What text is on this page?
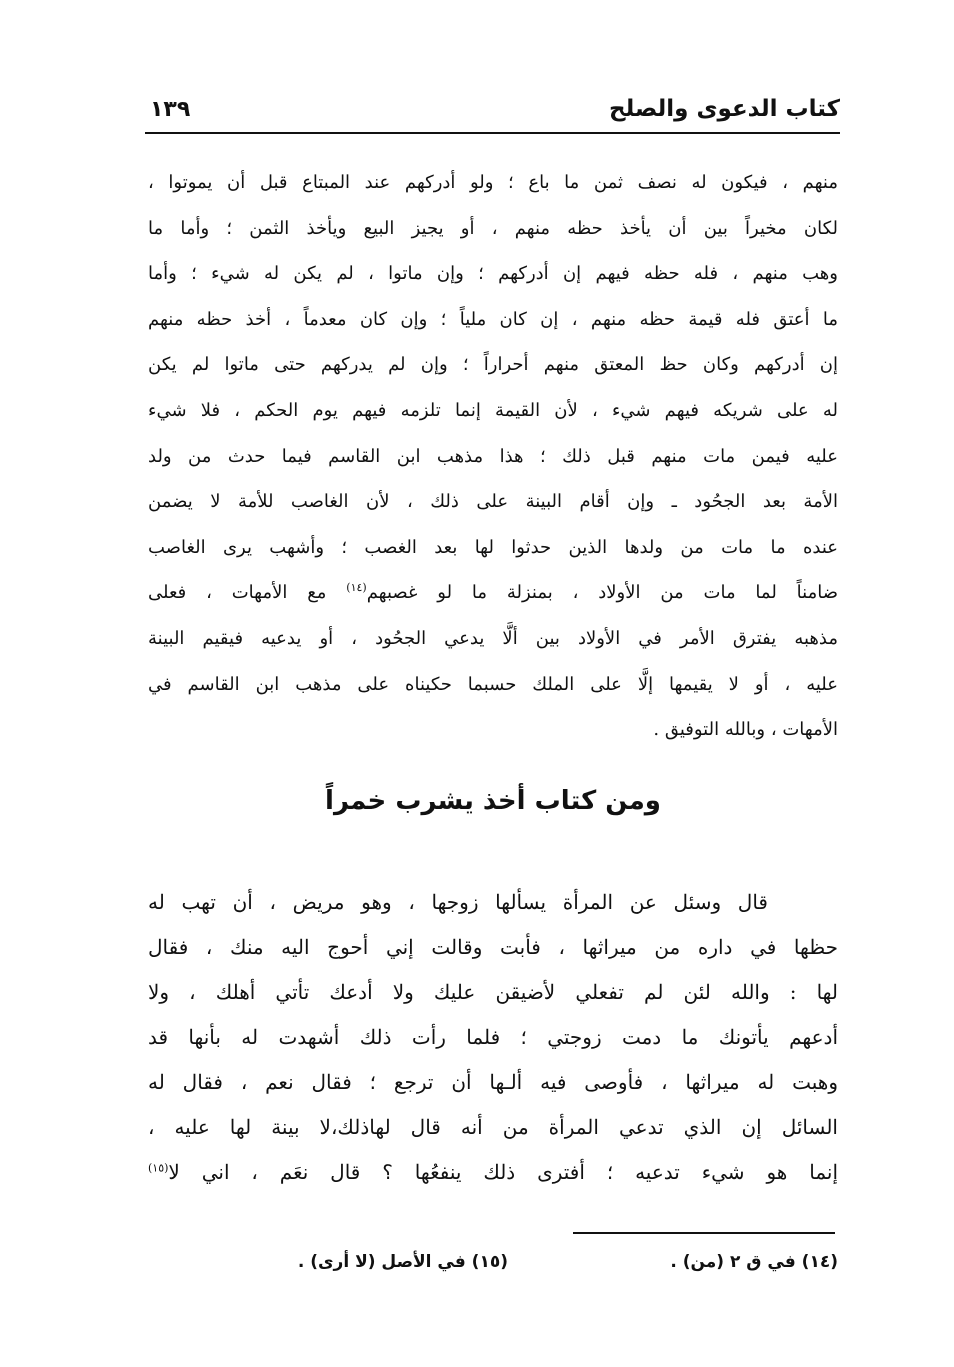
كتاب الدعوى والصلح
١٣٩
منهم ، فيكون له نصف ثمن ما باع ؛ ولو أدركهم عند المبتاع قبل أن يموتوا ،
لكان مخيراً بين أن يأخذ حظه منهم ، أو يجيز البيع ويأخذ الثمن ؛ وأما ما
وهب منهم ، فله حظه فيهم إن أدركهم ؛ وإن ماتوا ، لم يكن له شيء ؛ وأما
ما أعتق فله قيمة حظه منهم ، إن كان ملياً ؛ وإن كان معدماً ، أخذ حظه منهم
إن أدركهم وكان حظ المعتق منهم أحراراً ؛ وإن لم يدركهم حتى ماتوا لم يكن
له على شريكه فيهم شيء ، لأن القيمة إنما تلزمه فيهم يوم الحكم ، فلا شيء
عليه فيمن مات منهم قبل ذلك ؛ هذا مذهب ابن القاسم فيما حدث من ولد
الأمة بعد الجحُود ـ وإن أقام البينة على ذلك ، لأن الغاصب للأمة لا يضمن
عنده ما مات من ولدها الذين حدثوا لها بعد الغصب ؛ وأشهب يرى الغاصب
ضامناً لما مات من الأولاد ، بمنزلة ما لو غصبهم$^{(١٤)}$ مع الأمهات ، فعلى
مذهبه يفترق الأمر في الأولاد بين ألَّا يدعي الجحُود ، أو يدعيه فيقيم البينة
عليه ، أو لا يقيمها إلَّا على الملك حسبما حكيناه على مذهب ابن القاسم في
الأمهات ، وبالله التوفيق .
ومن كتاب أخذ يشرب خمراً
قال وسئل عن المرأة يسألها زوجها ، وهو مريض ، أن تهب له
حظها في داره من ميراثها ، فأبت وقالت إني أحوج اليه منك ، فقال
لها : والله لئن لم تفعلي لأضيقن عليك ولا أدعك تأتي أهلك ، ولا
أدعهم يأتونك ما دمت زوجتي ؛ فلما رأت ذلك أشهدت له بأنها قد
وهبت له ميراثها ، فأوصى فيه ألـها أن ترجع ؛ فقال نعم ، فقال له
السائل إن الذي تدعي المرأة من أنه قال لهاذلك،لا بينة لها عليه ،
إنما هو شيء تدعيه ؛ أفترى ذلك ينفعُها ؟ قال نعَم ، اني لا$^{(١٥)}$
(١٤) في ق ٢ (من) .
(١٥) في الأصل (لا أرى) .
